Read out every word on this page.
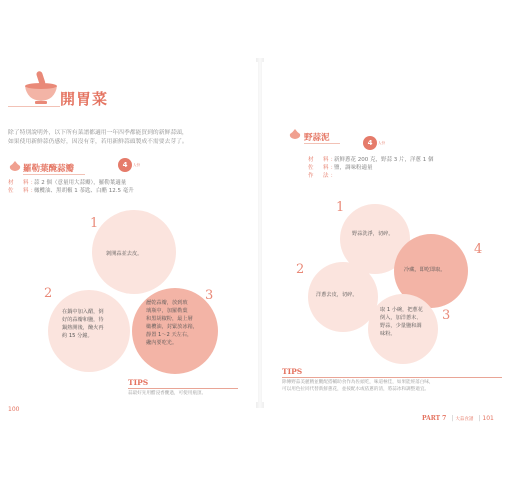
開胃菜
除了特別說明外，以下所有菜譜都適用一年四季都能買到的新鮮蒜頭，
如果使用新鮮蒜仍感好，因沒有芽，若用新鮮蒜頭製成不需要去芽了。
羅勒葉醃蒜瓣	4	人份
材　料：蒜 2 個（意量用大蒜瓣），羅勒葉適量
佐　料：橄欖油、黑胡椒 1 茶匙、白醋 12.5 毫升
1
剝開蒜並去皮。
2
在鍋中加入醋，倒
好的蒜瓣和鹽，待
鍋熱開後，醃火再
約 15 分鐘。
3
瀝乾蒜瓣，放到玻
璃瓶中，加羅勒葉
和黑胡椒粉，最上層
橄欖油，封緊放冰箱，
靜置 1～2 天左右，
纔內要吃光。
TIPS
蒜最好先用醋浸香醃過，可使用瓶頂。
100
野蒜泥	4	人份
材　料：新鮮蔥花 200 克，野蒜 3 片，洋蔥 1 個
佐　料：鹽，調味粉適量
作　法：
1
野蒜洗淨，切碎。
2
洋蔥去皮，切碎。
4
冷藏，即吃即取。
3
取 1 小碗，把蔥花
倒入，加洋蔥末、
野蒜，少量鹽和調
味粉。
TIPS
除傳野蒜美麗精並觀配搭輔助食作為佐頭吃，味道極佳，如果能經落白味，
可以用色拉同代替新鮮蔥花，並按配水或依蔥的清，將蒜冰和調整適宜。
PART 7 | 大蒜食譜 | 101
